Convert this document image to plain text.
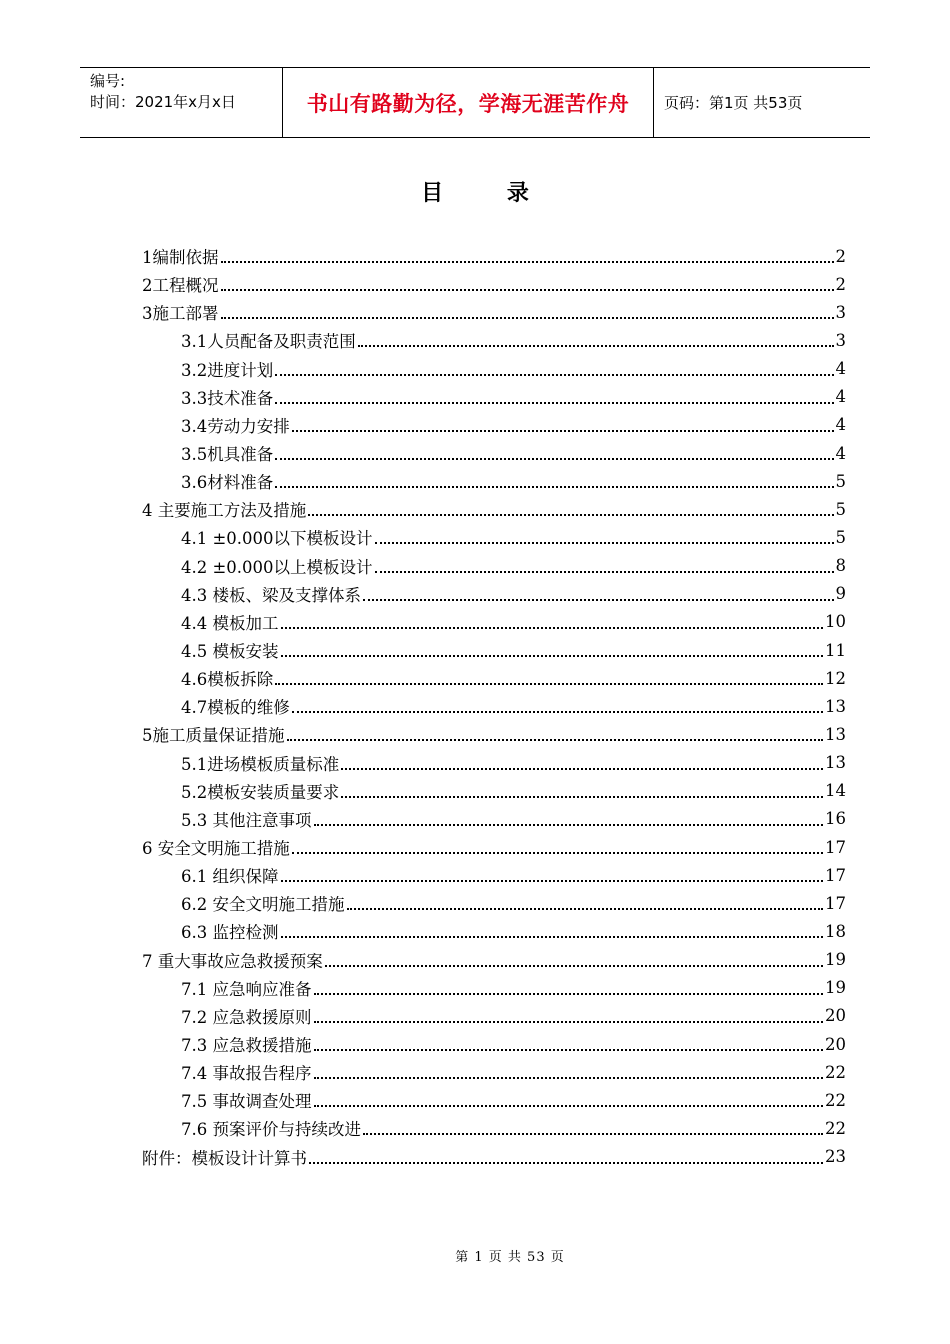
编号:
时间：2021年x月x日	书山有路勤为径，学海无涯苦作舟	页码：第1页 共53页
目 录
1编制依据	2
2工程概况	2
3施工部署	3
3.1人员配备及职责范围	3
3.2进度计划	4
3.3技术准备	4
3.4劳动力安排	4
3.5机具准备	4
3.6材料准备	5
4 主要施工方法及措施	5
4.1 ±0.000以下模板设计	5
4.2 ±0.000以上模板设计	8
4.3 楼板、梁及支撑体系	9
4.4 模板加工	10
4.5 模板安装	11
4.6模板拆除	12
4.7模板的维修	13
5施工质量保证措施	13
5.1进场模板质量标准	13
5.2模板安装质量要求	14
5.3 其他注意事项	16
6 安全文明施工措施	17
6.1 组织保障	17
6.2 安全文明施工措施	17
6.3 监控检测	18
7 重大事故应急救援预案	19
7.1 应急响应准备	19
7.2 应急救援原则	20
7.3 应急救援措施	20
7.4 事故报告程序	22
7.5 事故调查处理	22
7.6 预案评价与持续改进	22
附件：模板设计计算书	23
第 1 页 共 53 页
